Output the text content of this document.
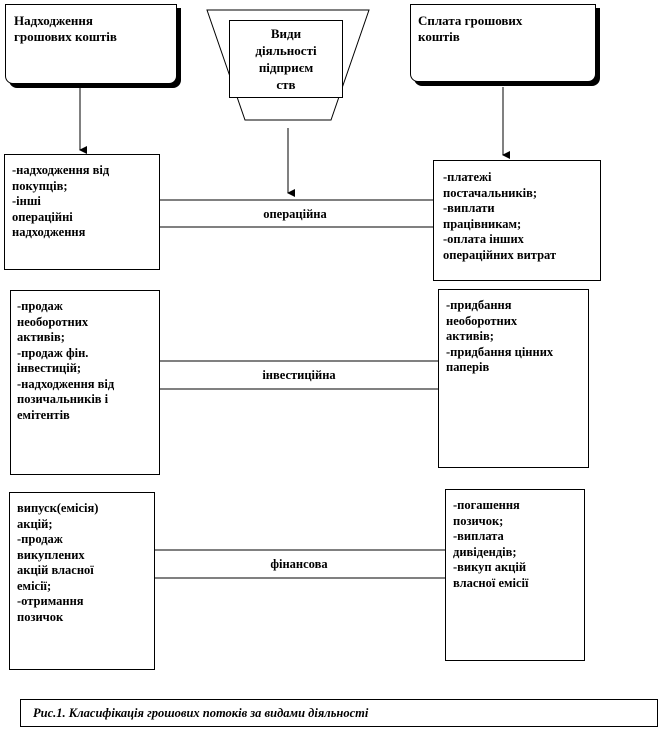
Надходження
грошових коштів	Види
діяльності
підприєм
ств
Сплата грошових
коштів
-надходження від
покупців;
-інші
операційні
надходження
операційна
-платежі
постачальників;
-виплати
працівникам;
-оплата інших
операційних витрат
-продаж
необоротних
активів;
-продаж фін.
інвестицій;
-надходження від
позичальників і
емітентів
інвестиційна
-придбання
необоротних
активів;
-придбання цінних
паперів
випуск(емісія)
акцій;
-продаж
викуплених
акцій власної
емісії;
-отримання
позичок
фінансова
-погашення
позичок;
-виплата
дивідендів;
-викуп акцій
власної емісії
Рис.1. Класифікація грошових потоків за видами діяльності
